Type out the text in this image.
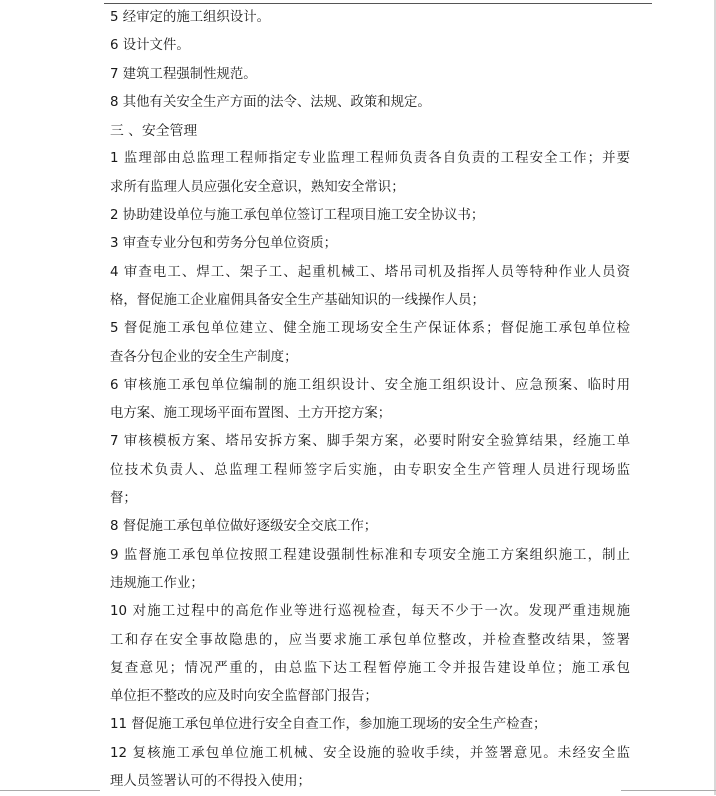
5 经审定的施工组织设计。
6 设计文件。
7 建筑工程强制性规范。
8 其他有关安全生产方面的法令、法规、政策和规定。
三 、安全管理
1 监理部由总监理工程师指定专业监理工程师负责各自负责的工程安全工作；并要
求所有监理人员应强化安全意识，熟知安全常识；
2 协助建设单位与施工承包单位签订工程项目施工安全协议书；
3 审查专业分包和劳务分包单位资质；
4 审查电工、焊工、架子工、起重机械工、塔吊司机及指挥人员等特种作业人员资
格，督促施工企业雇佣具备安全生产基础知识的一线操作人员；
5 督促施工承包单位建立、健全施工现场安全生产保证体系；督促施工承包单位检
查各分包企业的安全生产制度；
6 审核施工承包单位编制的施工组织设计、安全施工组织设计、应急预案、临时用
电方案、施工现场平面布置图、土方开挖方案；
7 审核模板方案、塔吊安拆方案、脚手架方案，必要时附安全验算结果，经施工单
位技术负责人、总监理工程师签字后实施，由专职安全生产管理人员进行现场监
督；
8 督促施工承包单位做好逐级安全交底工作；
9 监督施工承包单位按照工程建设强制性标准和专项安全施工方案组织施工，制止
违规施工作业；
10 对施工过程中的高危作业等进行巡视检查，每天不少于一次。发现严重违规施
工和存在安全事故隐患的，应当要求施工承包单位整改，并检查整改结果，签署
复查意见；情况严重的，由总监下达工程暂停施工令并报告建设单位；施工承包
单位拒不整改的应及时向安全监督部门报告；
11 督促施工承包单位进行安全自查工作，参加施工现场的安全生产检查；
12 复核施工承包单位施工机械、安全设施的验收手续，并签署意见。未经安全监
理人员签署认可的不得投入使用；
